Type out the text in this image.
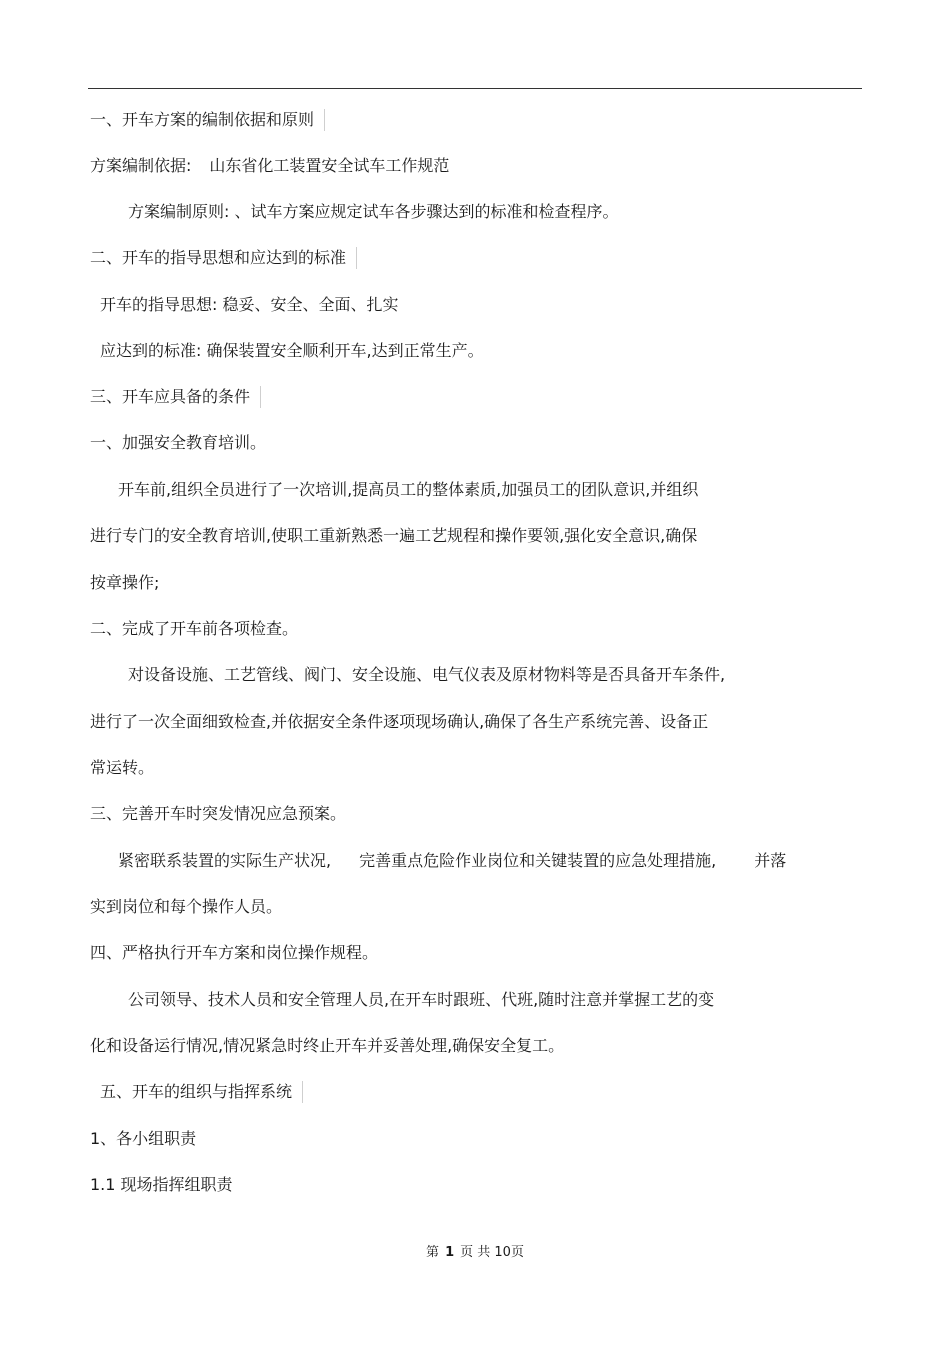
一、开车方案的编制依据和原则
方案编制依据: 山东省化工装置安全试车工作规范
方案编制原则: 、试车方案应规定试车各步骤达到的标准和检查程序。
二、开车的指导思想和应达到的标准
开车的指导思想: 稳妥、安全、全面、扎实
应达到的标准: 确保装置安全顺利开车,达到正常生产。
三、开车应具备的条件
一、加强安全教育培训。
开车前,组织全员进行了一次培训,提高员工的整体素质,加强员工的团队意识,并组织
进行专门的安全教育培训,使职工重新熟悉一遍工艺规程和操作要领,强化安全意识,确保
按章操作;
二、完成了开车前各项检查。
对设备设施、工艺管线、阀门、安全设施、电气仪表及原材物料等是否具备开车条件,
进行了一次全面细致检查,并依据安全条件逐项现场确认,确保了各生产系统完善、设备正
常运转。
三、完善开车时突发情况应急预案。
紧密联系装置的实际生产状况, 完善重点危险作业岗位和关键装置的应急处理措施, 并落
实到岗位和每个操作人员。
四、严格执行开车方案和岗位操作规程。
公司领导、技术人员和安全管理人员,在开车时跟班、代班,随时注意并掌握工艺的变
化和设备运行情况,情况紧急时终止开车并妥善处理,确保安全复工。
五、开车的组织与指挥系统
1、各小组职责
1.1 现场指挥组职责
第 1 页 共 10页
